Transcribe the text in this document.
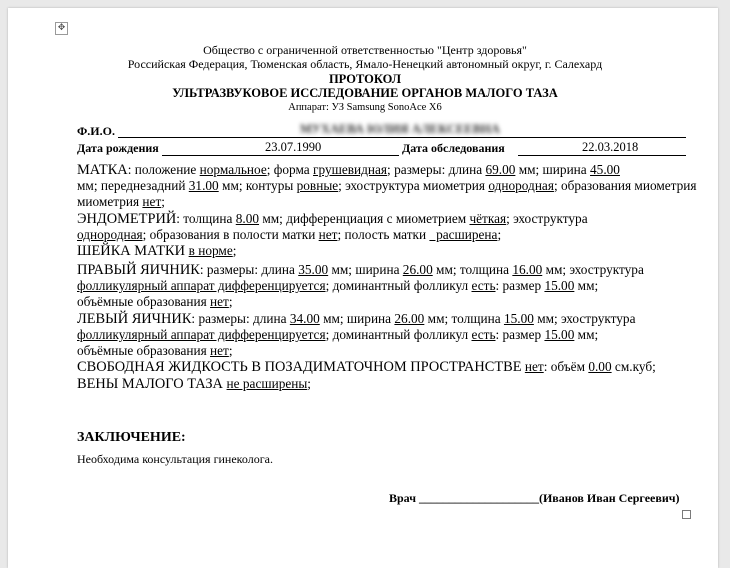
✥
Общество с ограниченной ответственностью "Центр здоровья"
Российская Федерация, Тюменская область, Ямало-Ненецкий автономный округ, г. Салехард
ПРОТОКОЛ
УЛЬТРАЗВУКОВОЕ ИССЛЕДОВАНИЕ ОРГАНОВ МАЛОГО ТАЗА
Аппарат: УЗ Samsung SonoAce X6
Ф.И.О.	МУХАЕВА ЮЛИЯ АЛЕКСЕЕВНА
Дата рождения	23.07.1990	Дата обследования	22.03.2018
МАТКА: положение нормальное; форма грушевидная; размеры: длина 69.00 мм; ширина 45.00
мм; переднезадний 31.00 мм; контуры ровные; эхоструктура миометрия однородная; образования миометрия
миометрия нет;
ЭНДОМЕТРИЙ: толщина 8.00 мм; дифференциация с миометрием чёткая; эхоструктура
однородная; образования в полости матки нет; полость матки   расширена;
ШЕЙКА МАТКИ в норме;
ПРАВЫЙ ЯИЧНИК: размеры: длина 35.00 мм; ширина 26.00 мм; толщина 16.00 мм; эхоструктура
фолликулярный аппарат дифференцируется; доминантный фолликул есть: размер 15.00 мм;
объёмные образования нет;
ЛЕВЫЙ ЯИЧНИК: размеры: длина 34.00 мм; ширина 26.00 мм; толщина 15.00 мм; эхоструктура
фолликулярный аппарат дифференцируется; доминантный фолликул есть: размер 15.00 мм;
объёмные образования нет;
СВОБОДНАЯ ЖИДКОСТЬ В ПОЗАДИМАТОЧНОМ ПРОСТРАНСТВЕ нет: объём 0.00 см.куб;
ВЕНЫ МАЛОГО ТАЗА не расширены;
ЗАКЛЮЧЕНИЕ:
Необходима консультация гинеколога.
Врач ____________________(Иванов Иван Сергеевич)
